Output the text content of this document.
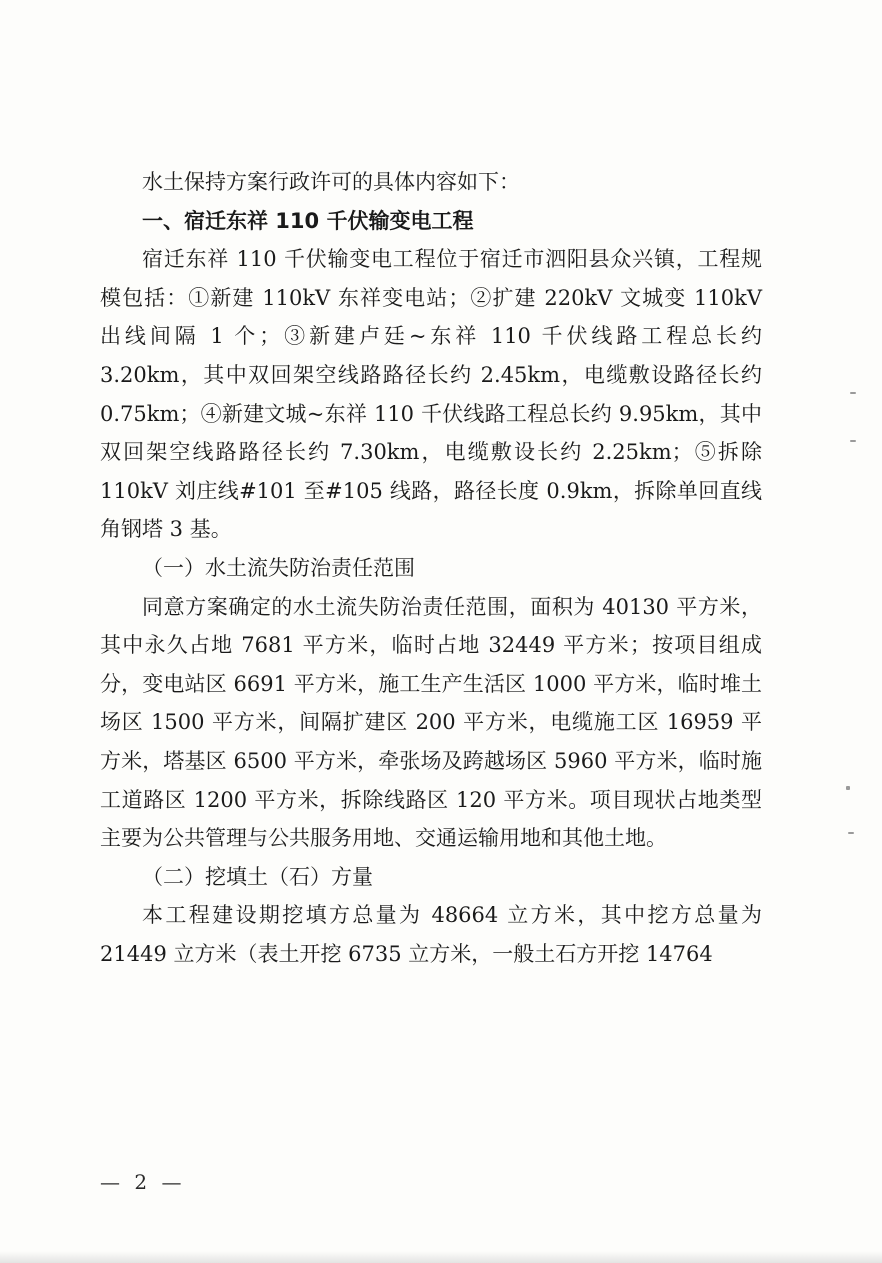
水土保持方案行政许可的具体内容如下：

一、宿迁东祥 110 千伏输变电工程

宿迁东祥 110 千伏输变电工程位于宿迁市泗阳县众兴镇，工程规模包括：①新建 110kV 东祥变电站；②扩建 220kV 文城变 110kV 出线间隔 1 个；③新建卢廷~东祥 110 千伏线路工程总长约 3.20km，其中双回架空线路路径长约 2.45km，电缆敷设路径长约 0.75km；④新建文城~东祥 110 千伏线路工程总长约 9.95km，其中双回架空线路路径长约 7.30km，电缆敷设长约 2.25km；⑤拆除 110kV 刘庄线#101 至#105 线路，路径长度 0.9km，拆除单回直线角钢塔 3 基。

（一）水土流失防治责任范围

同意方案确定的水土流失防治责任范围，面积为 40130 平方米，其中永久占地 7681 平方米，临时占地 32449 平方米；按项目组成分，变电站区 6691 平方米，施工生产生活区 1000 平方米，临时堆土场区 1500 平方米，间隔扩建区 200 平方米，电缆施工区 16959 平方米，塔基区 6500 平方米，牵张场及跨越场区 5960 平方米，临时施工道路区 1200 平方米，拆除线路区 120 平方米。项目现状占地类型主要为公共管理与公共服务用地、交通运输用地和其他土地。

（二）挖填土（石）方量

本工程建设期挖填方总量为 48664 立方米，其中挖方总量为 21449 立方米（表土开挖 6735 立方米，一般土石方开挖 14764

— 2 —
